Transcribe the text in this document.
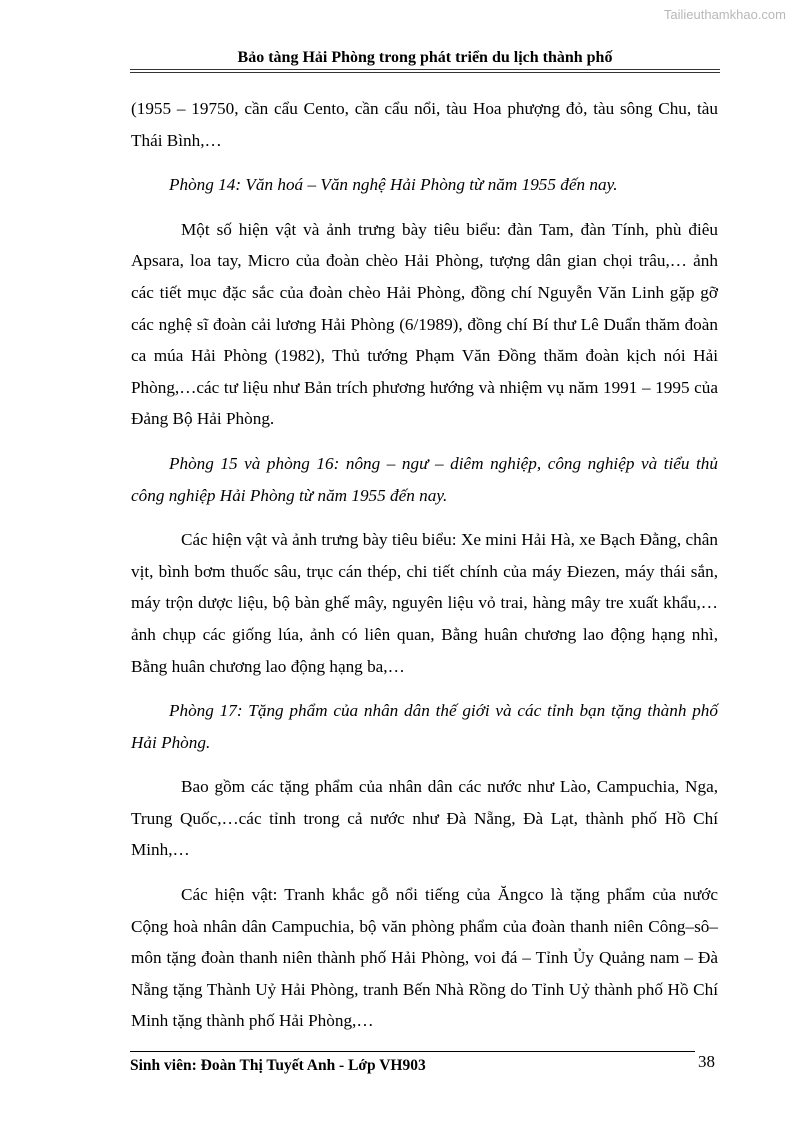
Tailieuthamkhao.com
Bảo tàng Hải Phòng trong phát triển du lịch thành phố

(1955 – 19750, cần cẩu Cento, cần cẩu nổi, tàu Hoa phượng đỏ, tàu sông Chu, tàu Thái Bình,…

Phòng 14: Văn hoá – Văn nghệ Hải Phòng từ năm 1955 đến nay.

Một số hiện vật và ảnh trưng bày tiêu biểu: đàn Tam, đàn Tính, phù điêu Apsara, loa tay, Micro của đoàn chèo Hải Phòng, tượng dân gian chọi trâu,… ảnh các tiết mục đặc sắc của đoàn chèo Hải Phòng, đồng chí Nguyễn Văn Linh gặp gỡ các nghệ sĩ đoàn cải lương Hải Phòng (6/1989), đồng chí Bí thư Lê Duẩn thăm đoàn ca múa Hải Phòng (1982), Thủ tướng Phạm Văn Đồng thăm đoàn kịch nói Hải Phòng,…các tư liệu như Bản trích phương hướng và nhiệm vụ năm 1991 – 1995 của Đảng Bộ Hải Phòng.

Phòng 15 và phòng 16: nông – ngư – diêm nghiệp, công nghiệp và tiểu thủ công nghiệp Hải Phòng từ năm 1955 đến nay.

Các hiện vật và ảnh trưng bày tiêu biểu: Xe mini Hải Hà, xe Bạch Đằng, chân vịt, bình bơm thuốc sâu, trục cán thép, chi tiết chính của máy Điezen, máy thái sắn, máy trộn dược liệu, bộ bàn ghế mây, nguyên liệu vỏ trai, hàng mây tre xuất khẩu,… ảnh chụp các giống lúa, ảnh có liên quan, Bằng huân chương lao động hạng nhì, Bằng huân chương lao động hạng ba,…

Phòng 17: Tặng phẩm của nhân dân thế giới và các tỉnh bạn tặng thành phố Hải Phòng.

Bao gồm các tặng phẩm của nhân dân các nước như Lào, Campuchia, Nga, Trung Quốc,…các tỉnh trong cả nước như Đà Nẵng, Đà Lạt, thành phố Hồ Chí Minh,…

Các hiện vật: Tranh khắc gỗ nổi tiếng của Ăngco là tặng phẩm của nước Cộng hoà nhân dân Campuchia, bộ văn phòng phẩm của đoàn thanh niên Công–sô–môn tặng đoàn thanh niên thành phố Hải Phòng, voi đá – Tỉnh Ủy Quảng nam – Đà Nẵng tặng Thành Uỷ Hải Phòng, tranh Bến Nhà Rồng do Tỉnh Uỷ thành phố Hồ Chí Minh tặng thành phố Hải Phòng,…

Sinh viên: Đoàn Thị Tuyết Anh - Lớp VH903	38
